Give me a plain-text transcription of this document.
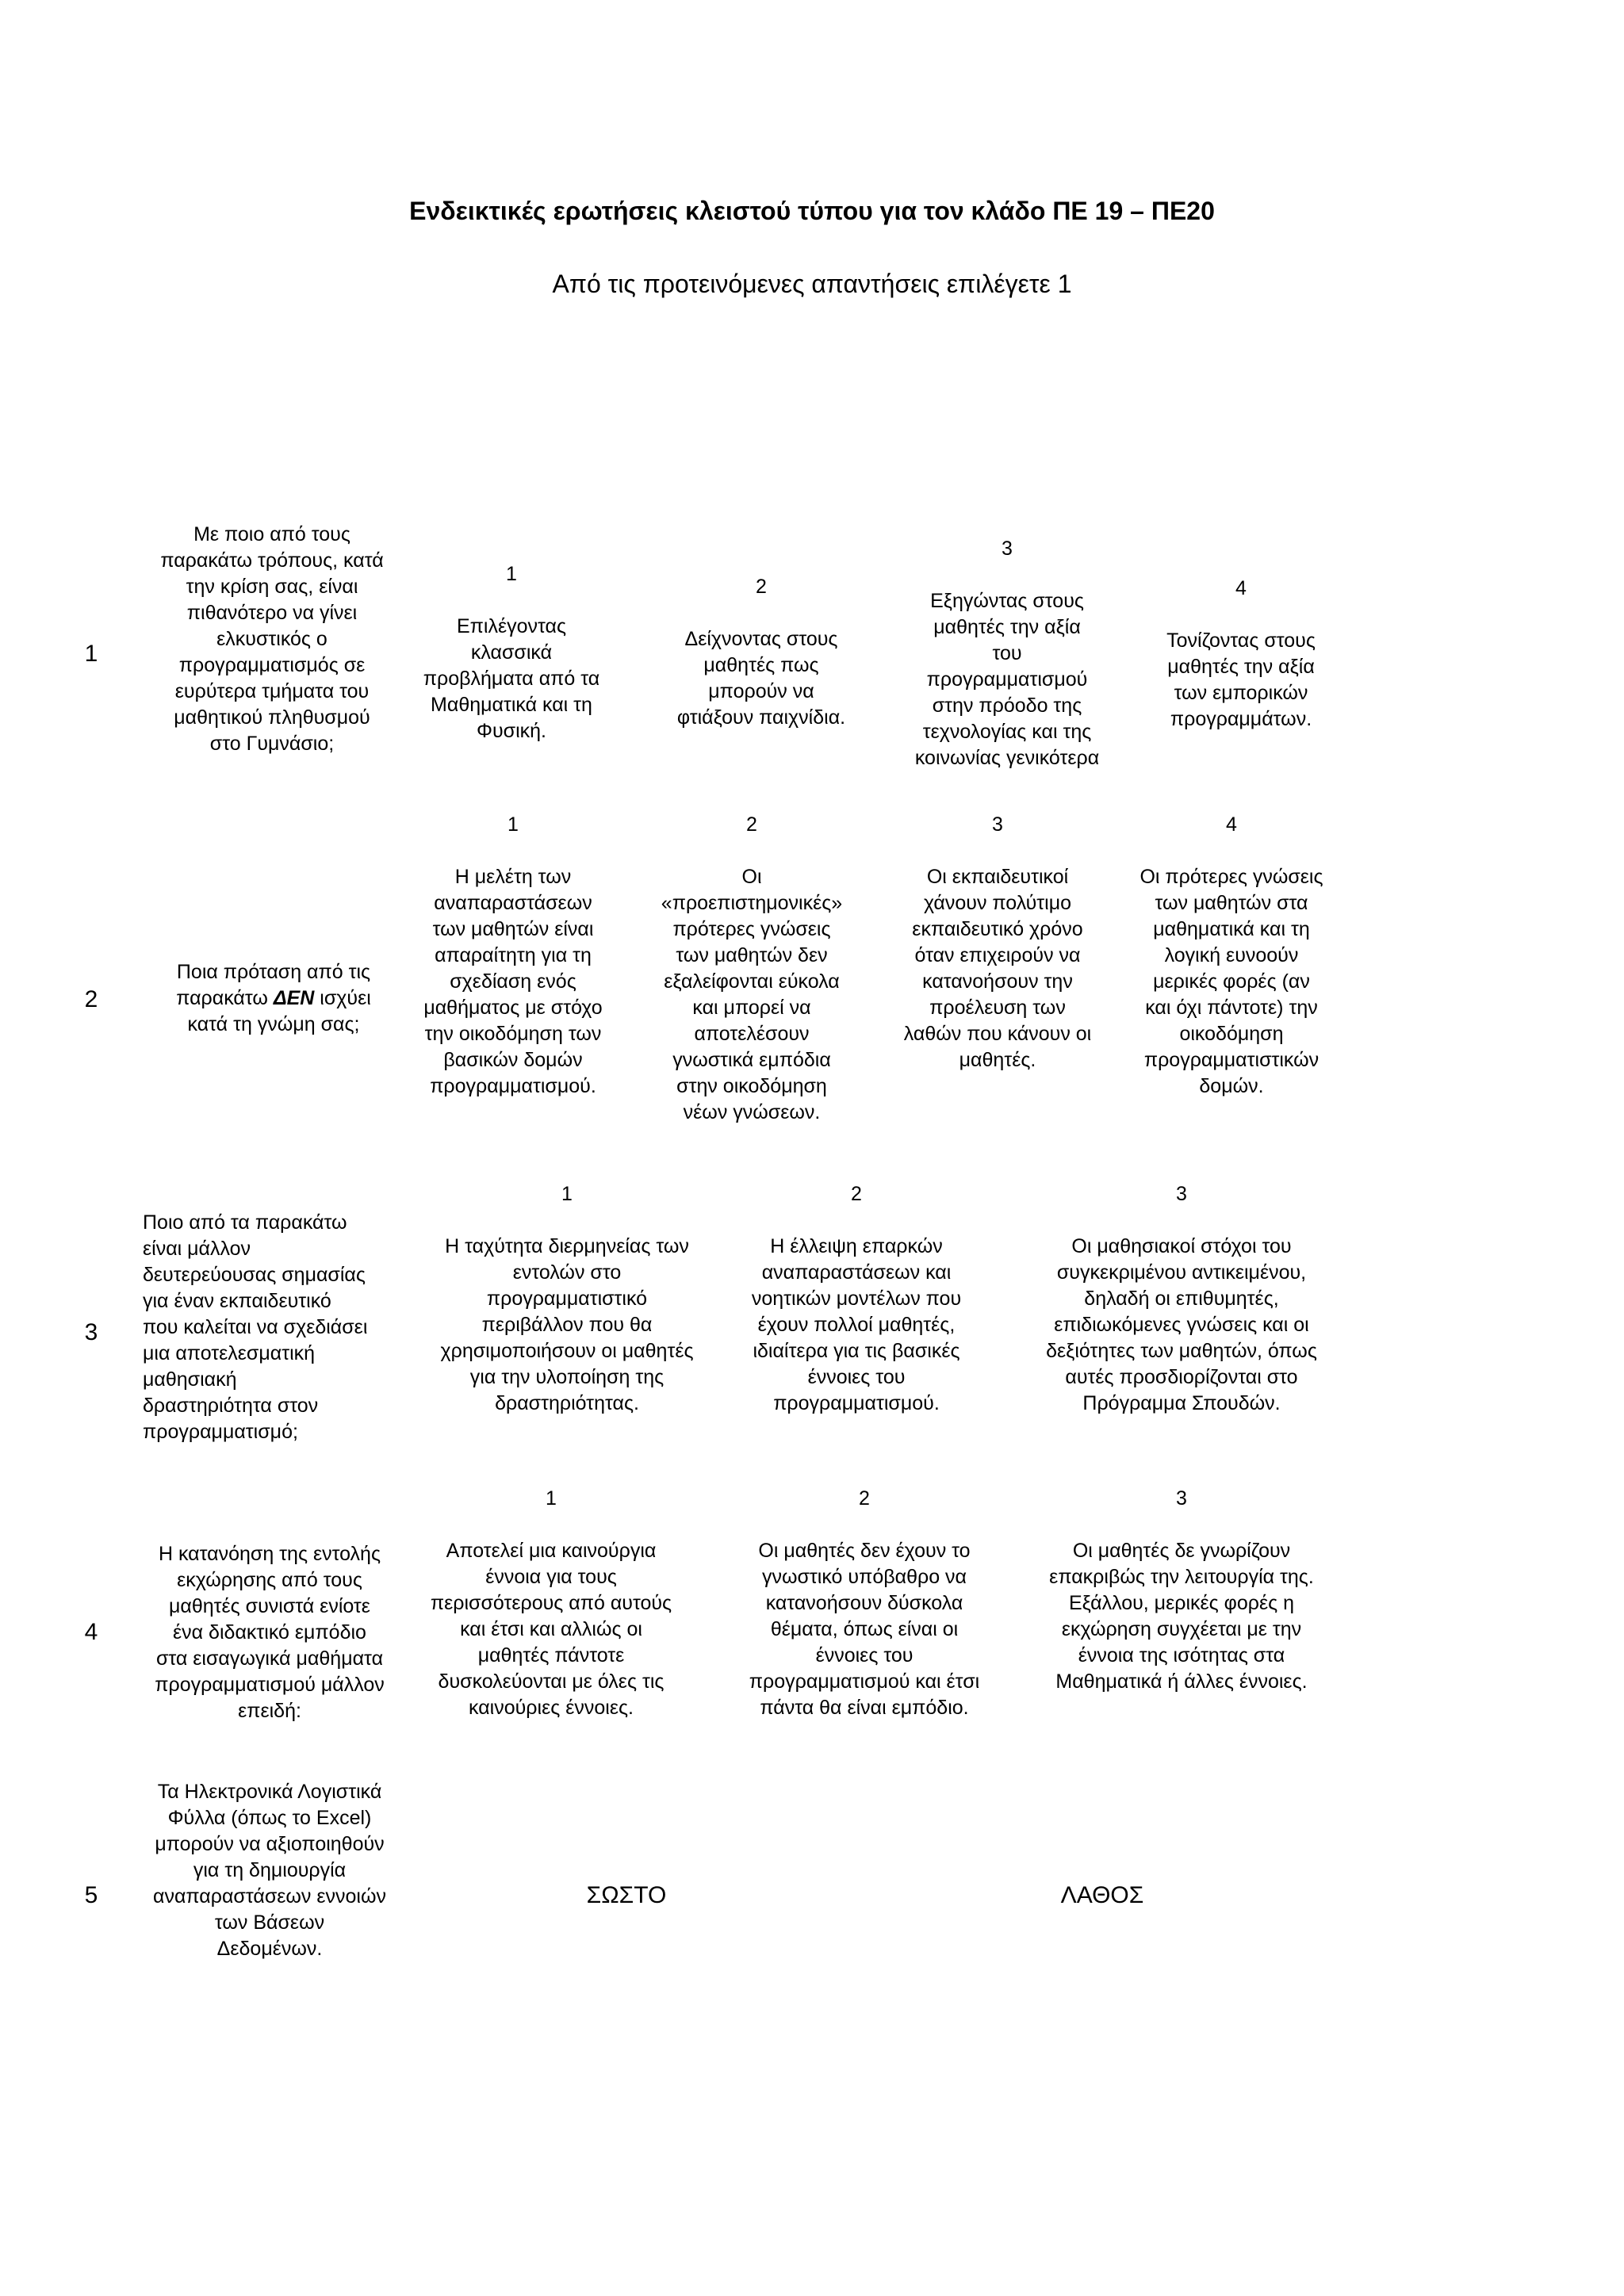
Ενδεικτικές ερωτήσεις κλειστού τύπου για τον κλάδο ΠΕ 19 – ΠΕ20
Από τις προτεινόμενες απαντήσεις επιλέγετε 1
1
Με ποιο από τους
παρακάτω τρόπους, κατά
την κρίση σας, είναι
πιθανότερο να γίνει
ελκυστικός ο
προγραμματισμός σε
ευρύτερα τμήματα του
μαθητικού πληθυσμού
στο Γυμνάσιο;
1
Επιλέγοντας
κλασσικά
προβλήματα από τα
Μαθηματικά και τη
Φυσική.
2
Δείχνοντας στους
μαθητές πως
μπορούν να
φτιάξουν παιχνίδια.
3
Εξηγώντας στους
μαθητές την αξία
του
προγραμματισμού
στην πρόοδο της
τεχνολογίας και της
κοινωνίας γενικότερα
4
Τονίζοντας στους
μαθητές την αξία
των εμπορικών
προγραμμάτων.
2
Ποια πρόταση από τις
παρακάτω ΔΕΝ ισχύει
κατά τη γνώμη σας;
1
Η μελέτη των
αναπαραστάσεων
των μαθητών είναι
απαραίτητη για τη
σχεδίαση ενός
μαθήματος με στόχο
την οικοδόμηση των
βασικών δομών
προγραμματισμού.
2
Οι
«προεπιστημονικές»
πρότερες γνώσεις
των μαθητών δεν
εξαλείφονται εύκολα
και μπορεί να
αποτελέσουν
γνωστικά εμπόδια
στην οικοδόμηση
νέων γνώσεων.
3
Οι εκπαιδευτικοί
χάνουν πολύτιμο
εκπαιδευτικό χρόνο
όταν επιχειρούν να
κατανοήσουν την
προέλευση των
λαθών που κάνουν οι
μαθητές.
4
Οι πρότερες γνώσεις
των μαθητών στα
μαθηματικά και τη
λογική ευνοούν
μερικές φορές (αν
και όχι πάντοτε) την
οικοδόμηση
προγραμματιστικών
δομών.
3
Ποιο από τα παρακάτω
είναι μάλλον
δευτερεύουσας σημασίας
για έναν εκπαιδευτικό
που καλείται να σχεδιάσει
μια αποτελεσματική
μαθησιακή
δραστηριότητα στον
προγραμματισμό;
1
Η ταχύτητα διερμηνείας των
εντολών στο
προγραμματιστικό
περιβάλλον που θα
χρησιμοποιήσουν οι μαθητές
για την υλοποίηση της
δραστηριότητας.
2
Η έλλειψη επαρκών
αναπαραστάσεων και
νοητικών μοντέλων που
έχουν πολλοί μαθητές,
ιδιαίτερα για τις βασικές
έννοιες του
προγραμματισμού.
3
Οι μαθησιακοί στόχοι του
συγκεκριμένου αντικειμένου,
δηλαδή οι επιθυμητές,
επιδιωκόμενες γνώσεις και οι
δεξιότητες των μαθητών, όπως
αυτές προσδιορίζονται στο
Πρόγραμμα Σπουδών.
4
Η κατανόηση της εντολής
εκχώρησης από τους
μαθητές συνιστά ενίοτε
ένα διδακτικό εμπόδιο
στα εισαγωγικά μαθήματα
προγραμματισμού μάλλον
επειδή:
1
Αποτελεί μια καινούργια
έννοια για τους
περισσότερους από αυτούς
και έτσι και αλλιώς οι
μαθητές πάντοτε
δυσκολεύονται με όλες τις
καινούριες έννοιες.
2
Οι μαθητές δεν έχουν το
γνωστικό υπόβαθρο να
κατανοήσουν δύσκολα
θέματα, όπως είναι οι
έννοιες του
προγραμματισμού και έτσι
πάντα θα είναι εμπόδιο.
3
Οι μαθητές δε γνωρίζουν
επακριβώς την λειτουργία της.
Εξάλλου, μερικές φορές η
εκχώρηση συγχέεται με την
έννοια της ισότητας στα
Μαθηματικά ή άλλες έννοιες.
5
Τα Ηλεκτρονικά Λογιστικά
Φύλλα (όπως το Excel)
μπορούν να αξιοποιηθούν
για τη δημιουργία
αναπαραστάσεων εννοιών
των Βάσεων
Δεδομένων.
ΣΩΣΤΟ	ΛΑΘΟΣ
